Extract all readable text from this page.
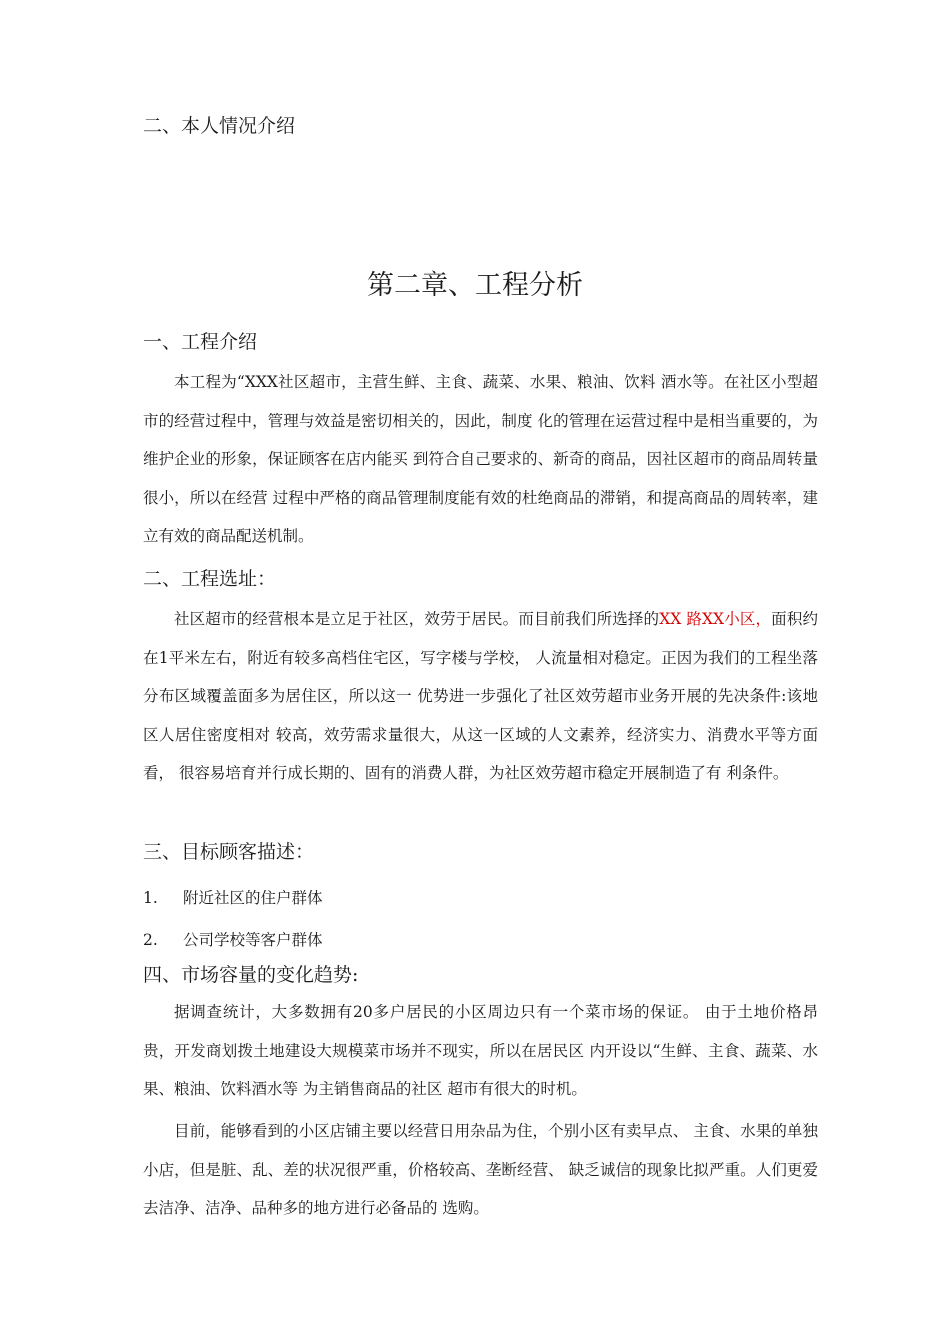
二、本人情况介绍
第二章、工程分析
一、工程介绍
本工程为“XXX社区超市，主营生鲜、主食、蔬菜、水果、粮油、饮料 酒水等。在社区小型超市的经营过程中，管理与效益是密切相关的，因此，制度 化的管理在运营过程中是相当重要的，为维护企业的形象，保证顾客在店内能买 到符合自己要求的、新奇的商品，因社区超市的商品周转量很小，所以在经营 过程中严格的商品管理制度能有效的杜绝商品的滞销，和提高商品的周转率，建 立有效的商品配送机制。
二、工程选址：
社区超市的经营根本是立足于社区，效劳于居民。而目前我们所选择的XX 路XX小区，面积约在1平米左右，附近有较多高档住宅区，写字楼与学校， 人流量相对稳定。正因为我们的工程坐落分布区域覆盖面多为居住区，所以这一 优势进一步强化了社区效劳超市业务开展的先决条件:该地区人居住密度相对 较高，效劳需求量很大，从这一区域的人文素养，经济实力、消费水平等方面看， 很容易培育并行成长期的、固有的消费人群，为社区效劳超市稳定开展制造了有 利条件。
三、目标顾客描述：
1. 附近社区的住户群体
2. 公司学校等客户群体
四、市场容量的变化趋势:
据调查统计，大多数拥有20多户居民的小区周边只有一个菜市场的保证。 由于土地价格昂贵，开发商划拨土地建设大规模菜市场并不现实，所以在居民区 内开设以“生鲜、主食、蔬菜、水果、粮油、饮料酒水等 为主销售商品的社区 超市有很大的时机。
目前，能够看到的小区店铺主要以经营日用杂品为住，个别小区有卖早点、 主食、水果的单独小店，但是脏、乱、差的状况很严重，价格较高、垄断经营、 缺乏诚信的现象比拟严重。人们更爱去洁净、洁净、品种多的地方进行必备品的 选购。
